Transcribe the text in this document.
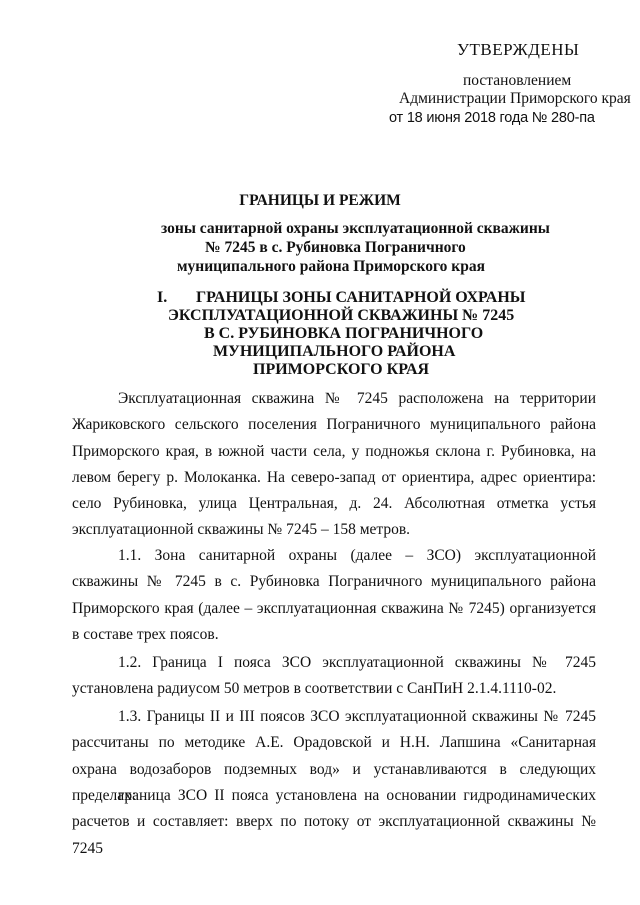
УТВЕРЖДЕНЫ
постановлением
Администрации Приморского края
от 18 июня 2018 года № 280-па
ГРАНИЦЫ И РЕЖИМ
зоны санитарной охраны эксплуатационной скважины
№ 7245 в с. Рубиновка Пограничного
муниципального района Приморского края
I. ГРАНИЦЫ ЗОНЫ САНИТАРНОЙ ОХРАНЫ
ЭКСПЛУАТАЦИОННОЙ СКВАЖИНЫ № 7245
В С. РУБИНОВКА ПОГРАНИЧНОГО
МУНИЦИПАЛЬНОГО РАЙОНА
ПРИМОРСКОГО КРАЯ

Эксплуатационная скважина № 7245 расположена на территории Жариковского сельского поселения Пограничного муниципального района Приморского края, в южной части села, у подножья склона г. Рубиновка, на левом берегу р. Молоканка. На северо-запад от ориентира, адрес ориентира: село Рубиновка, улица Центральная, д. 24. Абсолютная отметка устья эксплуатационной скважины № 7245 – 158 метров.

1.1. Зона санитарной охраны (далее – ЗСО) эксплуатационной скважины № 7245 в с. Рубиновка Пограничного муниципального района Приморского края (далее – эксплуатационная скважина № 7245) организуется в составе трех поясов.

1.2. Граница I пояса ЗСО эксплуатационной скважины № 7245 установлена радиусом 50 метров в соответствии с СанПиН 2.1.4.1110-02.

1.3. Границы II и III поясов ЗСО эксплуатационной скважины № 7245 рассчитаны по методике А.Е. Орадовской и Н.Н. Лапшина «Санитарная охрана водозаборов подземных вод» и устанавливаются в следующих пределах:

граница ЗСО II пояса установлена на основании гидродинамических расчетов и составляет: вверх по потоку от эксплуатационной скважины № 7245
